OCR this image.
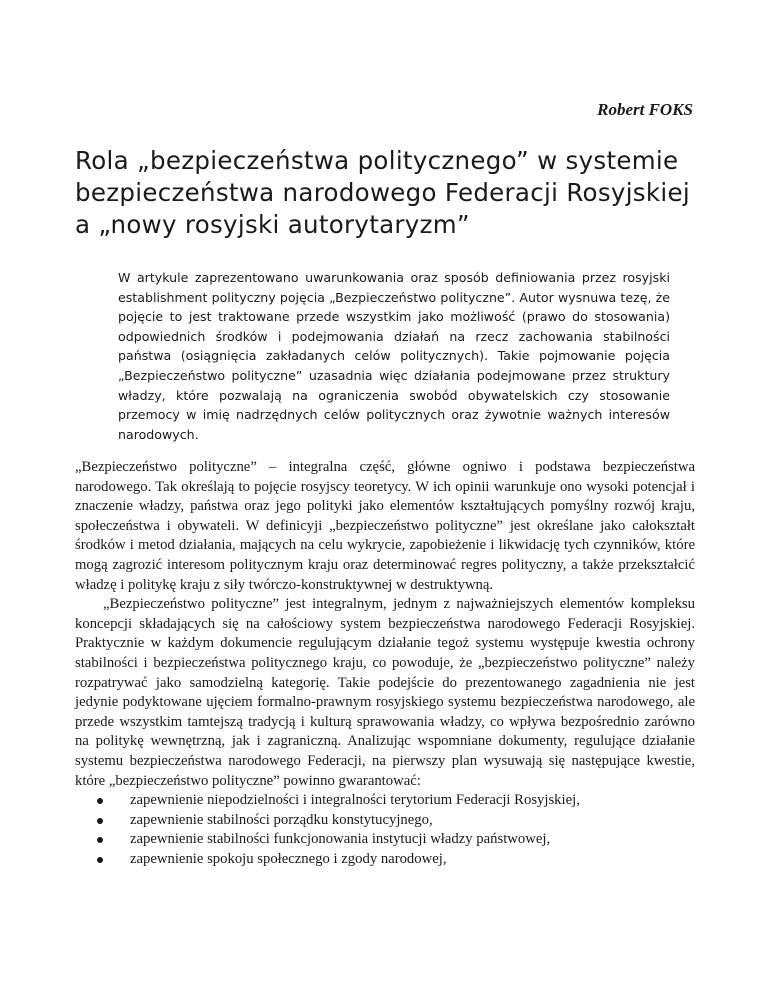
Robert FOKS
Rola „bezpieczeństwa politycznego” w systemie
bezpieczeństwa narodowego Federacji Rosyjskiej
a „nowy rosyjski autorytaryzm”

W artykule zaprezentowano uwarunkowania oraz sposób definiowania przez rosyjski establishment polityczny pojęcia „Bezpieczeństwo polityczne”. Autor wysnuwa tezę, że pojęcie to jest traktowane przede wszystkim jako możliwość (prawo do stosowania) odpowiednich środków i podejmowania działań na rzecz zachowania stabilności państwa (osiągnięcia zakładanych celów politycznych). Takie pojmowanie pojęcia „Bezpieczeństwo polityczne” uzasadnia więc działania podejmowane przez struktury władzy, które pozwalają na ograniczenia swobód obywatelskich czy stosowanie przemocy w imię nadrzędnych celów politycznych oraz żywotnie ważnych interesów narodowych.

„Bezpieczeństwo polityczne” – integralna część, główne ogniwo i podstawa bezpieczeństwa narodowego. Tak określają to pojęcie rosyjscy teoretycy. W ich opinii warunkuje ono wysoki potencjał i znaczenie władzy, państwa oraz jego polityki jako elementów kształtujących pomyślny rozwój kraju, społeczeństwa i obywateli. W definicyji „bezpieczeństwo polityczne” jest określane jako całokształt środków i metod działania, mających na celu wykrycie, zapobieżenie i likwidację tych czynników, które mogą zagrozić interesom politycznym kraju oraz determinować regres polityczny, a także przekształcić władzę i politykę kraju z siły twórczo-konstruktywnej w destruktywną.

„Bezpieczeństwo polityczne” jest integralnym, jednym z najważniejszych elementów kompleksu koncepcji składających się na całościowy system bezpieczeństwa narodowego Federacji Rosyjskiej. Praktycznie w każdym dokumencie regulującym działanie tegoż systemu występuje kwestia ochrony stabilności i bezpieczeństwa politycznego kraju, co powoduje, że „bezpieczeństwo polityczne” należy rozpatrywać jako samodzielną kategorię. Takie podejście do prezentowanego zagadnienia nie jest jedynie podyktowane ujęciem formalno-prawnym rosyjskiego systemu bezpieczeństwa narodowego, ale przede wszystkim tamtejszą tradycją i kulturą sprawowania władzy, co wpływa bezpośrednio zarówno na politykę wewnętrzną, jak i zagraniczną. Analizując wspomniane dokumenty, regulujące działanie systemu bezpieczeństwa narodowego Federacji, na pierwszy plan wysuwają się następujące kwestie, które „bezpieczeństwo polityczne” powinno gwarantować:

zapewnienie niepodzielności i integralności terytorium Federacji Rosyjskiej,
zapewnienie stabilności porządku konstytucyjnego,
zapewnienie stabilności funkcjonowania instytucji władzy państwowej,
zapewnienie spokoju społecznego i zgody narodowej,
